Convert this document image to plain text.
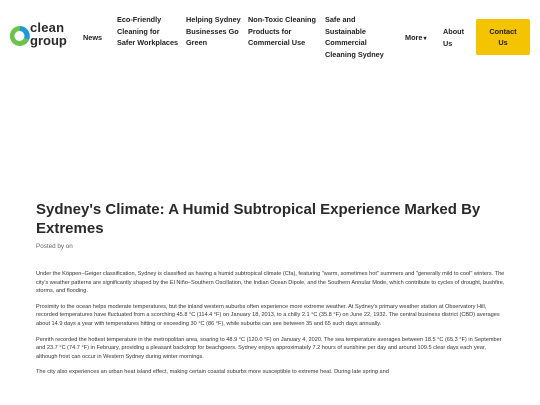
clean
group News
Eco-Friendly Cleaning for Safer Workplaces
Helping Sydney Businesses Go Green
Non-Toxic Cleaning Products for Commercial Use
Safe and Sustainable Commercial Cleaning Sydney
More▾
About Us
Contact Us
Sydney's Climate: A Humid Subtropical Experience Marked By Extremes
Posted by on

Under the Köppen–Geiger classification, Sydney is classified as having a humid subtropical climate (Cfa), featuring "warm, sometimes hot" summers and "generally mild to cool" winters. The city's weather patterns are significantly shaped by the El Niño–Southern Oscillation, the Indian Ocean Dipole, and the Southern Annular Mode, which contribute to cycles of drought, bushfire, storms, and flooding.

Proximity to the ocean helps moderate temperatures, but the inland western suburbs often experience more extreme weather. At Sydney's primary weather station at Observatory Hill, recorded temperatures have fluctuated from a scorching 45.8 °C (114.4 °F) on January 18, 2013, to a chilly 2.1 °C (35.8 °F) on June 22, 1932. The central business district (CBD) averages about 14.9 days a year with temperatures hitting or exceeding 30 °C (86 °F), while suburbs can see between 35 and 65 such days annually.

Penrith recorded the hottest temperature in the metropolitan area, soaring to 48.9 °C (120.0 °F) on January 4, 2020. The sea temperature averages between 18.5 °C (65.3 °F) in September and 23.7 °C (74.7 °F) in February, providing a pleasant backdrop for beachgoers. Sydney enjoys approximately 7.2 hours of sunshine per day and around 109.5 clear days each year, although frost can occur in Western Sydney during winter mornings.

The city also experiences an urban heat island effect, making certain coastal suburbs more susceptible to extreme heat. During late spring and
